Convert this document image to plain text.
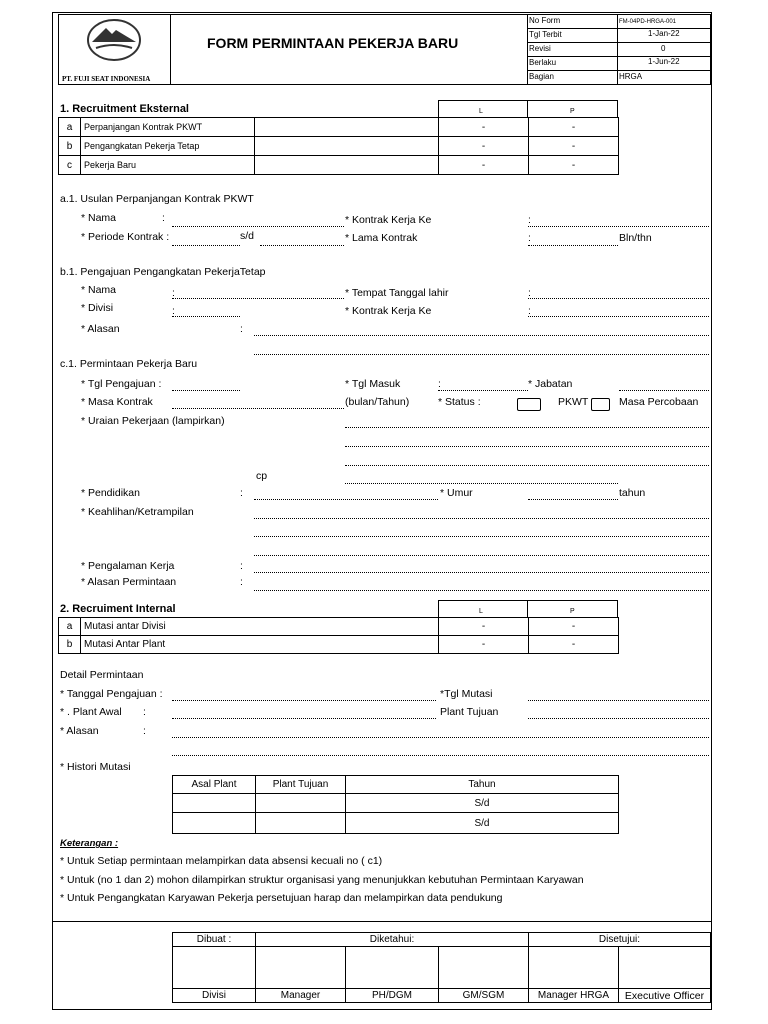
PT. FUJI SEAT INDONESIA
FORM PERMINTAAN PEKERJA BARU
No Form	FM-04PD-HRGA-001
Tgl Terbit	1-Jan-22
Revisi	0
Berlaku	1-Jun-22
Bagian	HRGA
1. Recruitment Eksternal	L	P
a	Perpanjangan Kontrak PKWT		-	-
b	Pengangkatan Pekerja Tetap		-	-
c	Pekerja Baru		-	-
a.1. Usulan Perpanjangan Kontrak PKWT
* Nama	:	* Kontrak Kerja Ke	:
* Periode Kontrak :	s/d	* Lama Kontrak	:	Bln/thn
b.1. Pengajuan Pengangkatan PekerjaTetap
* Nama	:	* Tempat Tanggal lahir	:
* Divisi	:	* Kontrak Kerja Ke	:
* Alasan	:
c.1. Permintaan Pekerja Baru
* Tgl Pengajuan :	* Tgl Masuk	:	* Jabatan
* Masa Kontrak	(bulan/Tahun)	* Status :	PKWT	Masa Percobaan
* Uraian Pekerjaan (lampirkan)
cp
* Pendidikan	:	* Umur	tahun
* Keahlihan/Ketrampilan
* Pengalaman Kerja	:
* Alasan Permintaan	:
2. Recruiment Internal	L	P
a	Mutasi antar Divisi	-	-
b	Mutasi Antar Plant	-	-
Detail Permintaan
* Tanggal Pengajuan :	*Tgl Mutasi
* . Plant Awal :	Plant Tujuan
* Alasan	:
* Histori Mutasi
Asal Plant	Plant Tujuan	Tahun
		S/d
		S/d
Keterangan :
* Untuk Setiap permintaan melampirkan data absensi kecuali no ( c1)
* Untuk (no 1 dan 2) mohon dilampirkan struktur organisasi yang menunjukkan kebutuhan Permintaan Karyawan
* Untuk Pengangkatan Karyawan Pekerja persetujuan harap dan melampirkan data pendukung
Dibuat :	Diketahui:			Disetujui:	

Divisi	Manager	PH/DGM	GM/SGM	Manager HRGA	Executive Officer
